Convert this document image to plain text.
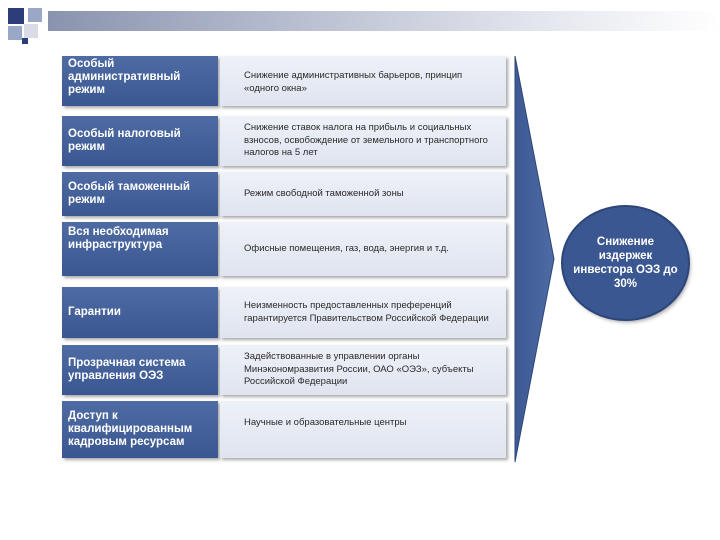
Особый административный режим
Снижение административных барьеров, принцип «одного окна»
Особый налоговый режим
Снижение ставок налога на прибыль и социальных взносов, освобождение от земельного и транспортного налогов на 5 лет
Особый таможенный режим
Режим свободной таможенной зоны
Вся необходимая инфраструктура	Офисные помещения, газ, вода, энергия и т.д.
Гарантии
Неизменность предоставленных преференций гарантируется Правительством Российской Федерации
Прозрачная система управления ОЭЗ
Задействованные в управлении органы Минэкономразвития России, ОАО «ОЭЗ», субъекты Российской Федерации
Доступ к квалифицированным кадровым ресурсам
Научные и образовательные центры
Снижение издержек инвестора ОЭЗ до 30%
